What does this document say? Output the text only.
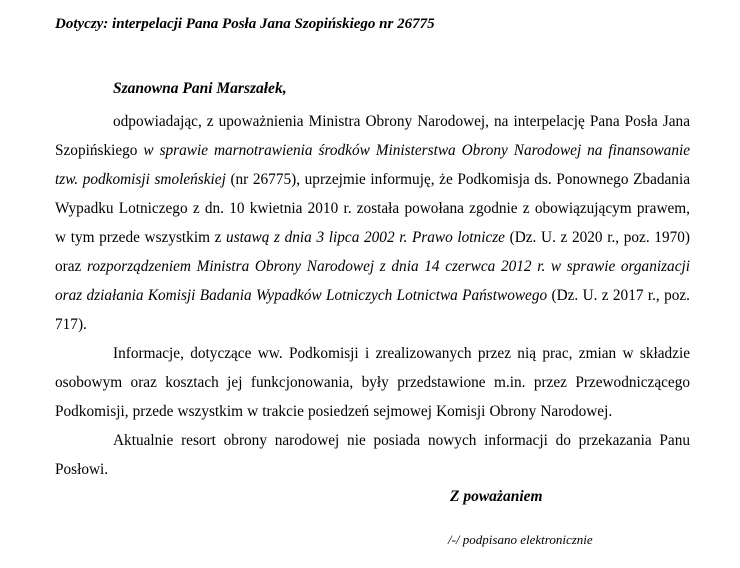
Dotyczy: interpelacji Pana Posła Jana Szopińskiego nr 26775
Szanowna Pani Marszałek,

odpowiadając, z upoważnienia Ministra Obrony Narodowej, na interpelację Pana Posła Jana Szopińskiego w sprawie marnotrawienia środków Ministerstwa Obrony Narodowej na finansowanie tzw. podkomisji smoleńskiej (nr 26775), uprzejmie informuję, że Podkomisja ds. Ponownego Zbadania Wypadku Lotniczego z dn. 10 kwietnia 2010 r. została powołana zgodnie z obowiązującym prawem, w tym przede wszystkim z ustawą z dnia 3 lipca 2002 r. Prawo lotnicze (Dz. U. z 2020 r., poz. 1970) oraz rozporządzeniem Ministra Obrony Narodowej z dnia 14 czerwca 2012 r. w sprawie organizacji oraz działania Komisji Badania Wypadków Lotniczych Lotnictwa Państwowego (Dz. U. z 2017 r., poz. 717).

Informacje, dotyczące ww. Podkomisji i zrealizowanych przez nią prac, zmian w składzie osobowym oraz kosztach jej funkcjonowania, były przedstawione m.in. przez Przewodniczącego Podkomisji, przede wszystkim w trakcie posiedzeń sejmowej Komisji Obrony Narodowej.

Aktualnie resort obrony narodowej nie posiada nowych informacji do przekazania Panu Posłowi.

Z poważaniem
/-/ podpisano elektronicznie
